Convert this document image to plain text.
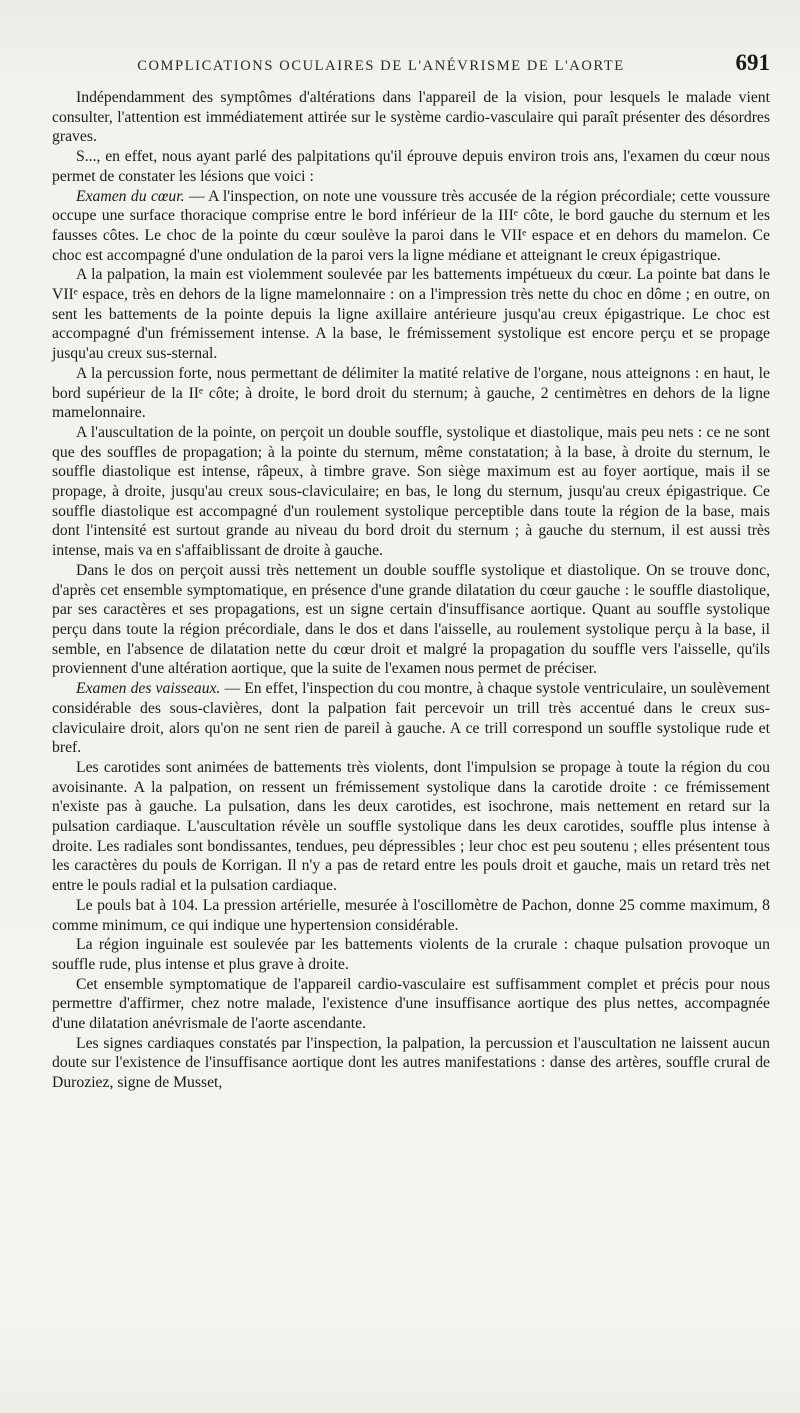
COMPLICATIONS OCULAIRES DE L'ANÉVRISME DE L'AORTE	691

Indépendamment des symptômes d'altérations dans l'appareil de la vision, pour lesquels le malade vient consulter, l'attention est immédiatement attirée sur le système cardio-vasculaire qui paraît présenter des désordres graves.

S..., en effet, nous ayant parlé des palpitations qu'il éprouve depuis environ trois ans, l'examen du cœur nous permet de constater les lésions que voici :

Examen du cœur. — A l'inspection, on note une voussure très accusée de la région précordiale; cette voussure occupe une surface thoracique comprise entre le bord inférieur de la IIIᵉ côte, le bord gauche du sternum et les fausses côtes. Le choc de la pointe du cœur soulève la paroi dans le VIIᵉ espace et en dehors du mamelon. Ce choc est accompagné d'une ondulation de la paroi vers la ligne médiane et atteignant le creux épigastrique.

A la palpation, la main est violemment soulevée par les battements impétueux du cœur. La pointe bat dans le VIIᵉ espace, très en dehors de la ligne mamelonnaire : on a l'impression très nette du choc en dôme ; en outre, on sent les battements de la pointe depuis la ligne axillaire antérieure jusqu'au creux épigastrique. Le choc est accompagné d'un frémissement intense. A la base, le frémissement systolique est encore perçu et se propage jusqu'au creux sus-sternal.

A la percussion forte, nous permettant de délimiter la matité relative de l'organe, nous atteignons : en haut, le bord supérieur de la IIᵉ côte; à droite, le bord droit du sternum; à gauche, 2 centimètres en dehors de la ligne mamelonnaire.

A l'auscultation de la pointe, on perçoit un double souffle, systolique et diastolique, mais peu nets : ce ne sont que des souffles de propagation; à la pointe du sternum, même constatation; à la base, à droite du sternum, le souffle diastolique est intense, râpeux, à timbre grave. Son siège maximum est au foyer aortique, mais il se propage, à droite, jusqu'au creux sous-claviculaire; en bas, le long du sternum, jusqu'au creux épigastrique. Ce souffle diastolique est accompagné d'un roulement systolique perceptible dans toute la région de la base, mais dont l'intensité est surtout grande au niveau du bord droit du sternum ; à gauche du sternum, il est aussi très intense, mais va en s'affaiblissant de droite à gauche.

Dans le dos on perçoit aussi très nettement un double souffle systolique et diastolique. On se trouve donc, d'après cet ensemble symptomatique, en présence d'une grande dilatation du cœur gauche : le souffle diastolique, par ses caractères et ses propagations, est un signe certain d'insuffisance aortique. Quant au souffle systolique perçu dans toute la région précordiale, dans le dos et dans l'aisselle, au roulement systolique perçu à la base, il semble, en l'absence de dilatation nette du cœur droit et malgré la propagation du souffle vers l'aisselle, qu'ils proviennent d'une altération aortique, que la suite de l'examen nous permet de préciser.

Examen des vaisseaux. — En effet, l'inspection du cou montre, à chaque systole ventriculaire, un soulèvement considérable des sous-clavières, dont la palpation fait percevoir un trill très accentué dans le creux sus-claviculaire droit, alors qu'on ne sent rien de pareil à gauche. A ce trill correspond un souffle systolique rude et bref.

Les carotides sont animées de battements très violents, dont l'impulsion se propage à toute la région du cou avoisinante. A la palpation, on ressent un frémissement systolique dans la carotide droite : ce frémissement n'existe pas à gauche. La pulsation, dans les deux carotides, est isochrone, mais nettement en retard sur la pulsation cardiaque. L'auscultation révèle un souffle systolique dans les deux carotides, souffle plus intense à droite. Les radiales sont bondissantes, tendues, peu dépressibles ; leur choc est peu soutenu ; elles présentent tous les caractères du pouls de Korrigan. Il n'y a pas de retard entre les pouls droit et gauche, mais un retard très net entre le pouls radial et la pulsation cardiaque.

Le pouls bat à 104. La pression artérielle, mesurée à l'oscillomètre de Pachon, donne 25 comme maximum, 8 comme minimum, ce qui indique une hypertension considérable.

La région inguinale est soulevée par les battements violents de la crurale : chaque pulsation provoque un souffle rude, plus intense et plus grave à droite.

Cet ensemble symptomatique de l'appareil cardio-vasculaire est suffisamment complet et précis pour nous permettre d'affirmer, chez notre malade, l'existence d'une insuffisance aortique des plus nettes, accompagnée d'une dilatation anévrismale de l'aorte ascendante.

Les signes cardiaques constatés par l'inspection, la palpation, la percussion et l'auscultation ne laissent aucun doute sur l'existence de l'insuffisance aortique dont les autres manifestations : danse des artères, souffle crural de Duroziez, signe de Musset,
